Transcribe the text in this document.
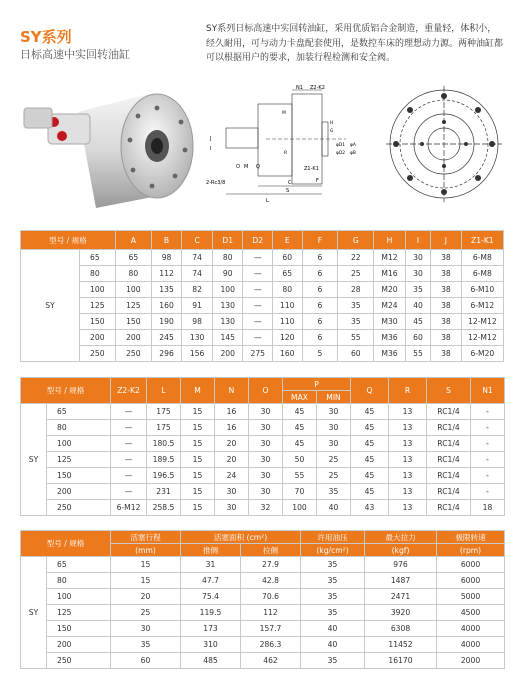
SY系列
日标高速中实回转油缸
SY系列日标高速中实回转油缸，采用优质铝合金制造，重量轻，体积小，经久耐用，可与动力卡盘配套使用，是数控车床的理想动力源。两种油缸都可以根据用户的要求，加装行程检测和安全阀。
N1 Z2-K2
J
I
2-Rc3/8
O M Q
L
C
Z1-K1
F
S
H
G
φD1
φD2
φA
φB
M
R
型号 / 规格		A	B	C	D1	D2	E	F	G	H	I	J	Z1-K1
SY	65	65	98	74	80	—	60	6	22	M12	30	38	6-M8
	80	80	112	74	90	—	65	6	25	M16	30	38	6-M8
	100	100	135	82	100	—	80	6	28	M20	35	38	6-M10
	125	125	160	91	130	—	110	6	35	M24	40	38	6-M12
	150	150	190	98	130	—	110	6	35	M30	45	38	12-M12
	200	200	245	130	145	—	120	6	55	M36	60	38	12-M12
	250	250	296	156	200	275	160	5	60	M36	55	38	6-M20
型号 / 规格		Z2-K2	L	M	N	O	P		Q	R	S	N1
							MAX	MIN				
SY	65	—	175	15	16	30	45	30	45	13	RC1/4	-
	80	—	175	15	16	30	45	30	45	13	RC1/4	-
	100	—	180.5	15	20	30	45	30	45	13	RC1/4	-
	125	—	189.5	15	20	30	50	25	45	13	RC1/4	-
	150	—	196.5	15	24	30	55	25	45	13	RC1/4	-
	200	—	231	15	30	30	70	35	45	13	RC1/4	-
	250	6-M12	258.5	15	30	32	100	40	43	13	RC1/4	18
型号 / 规格		活塞行程	活塞面积 (cm²)		许用油压	最大拉力	极限转速
		(mm)	推侧	拉侧	(kg/cm²)	(kgf)	(rpm)
SY	65	15	31	27.9	35	976	6000
	80	15	47.7	42.8	35	1487	6000
	100	20	75.4	70.6	35	2471	5000
	125	25	119.5	112	35	3920	4500
	150	30	173	157.7	40	6308	4000
	200	35	310	286.3	40	11452	4000
	250	60	485	462	35	16170	2000
